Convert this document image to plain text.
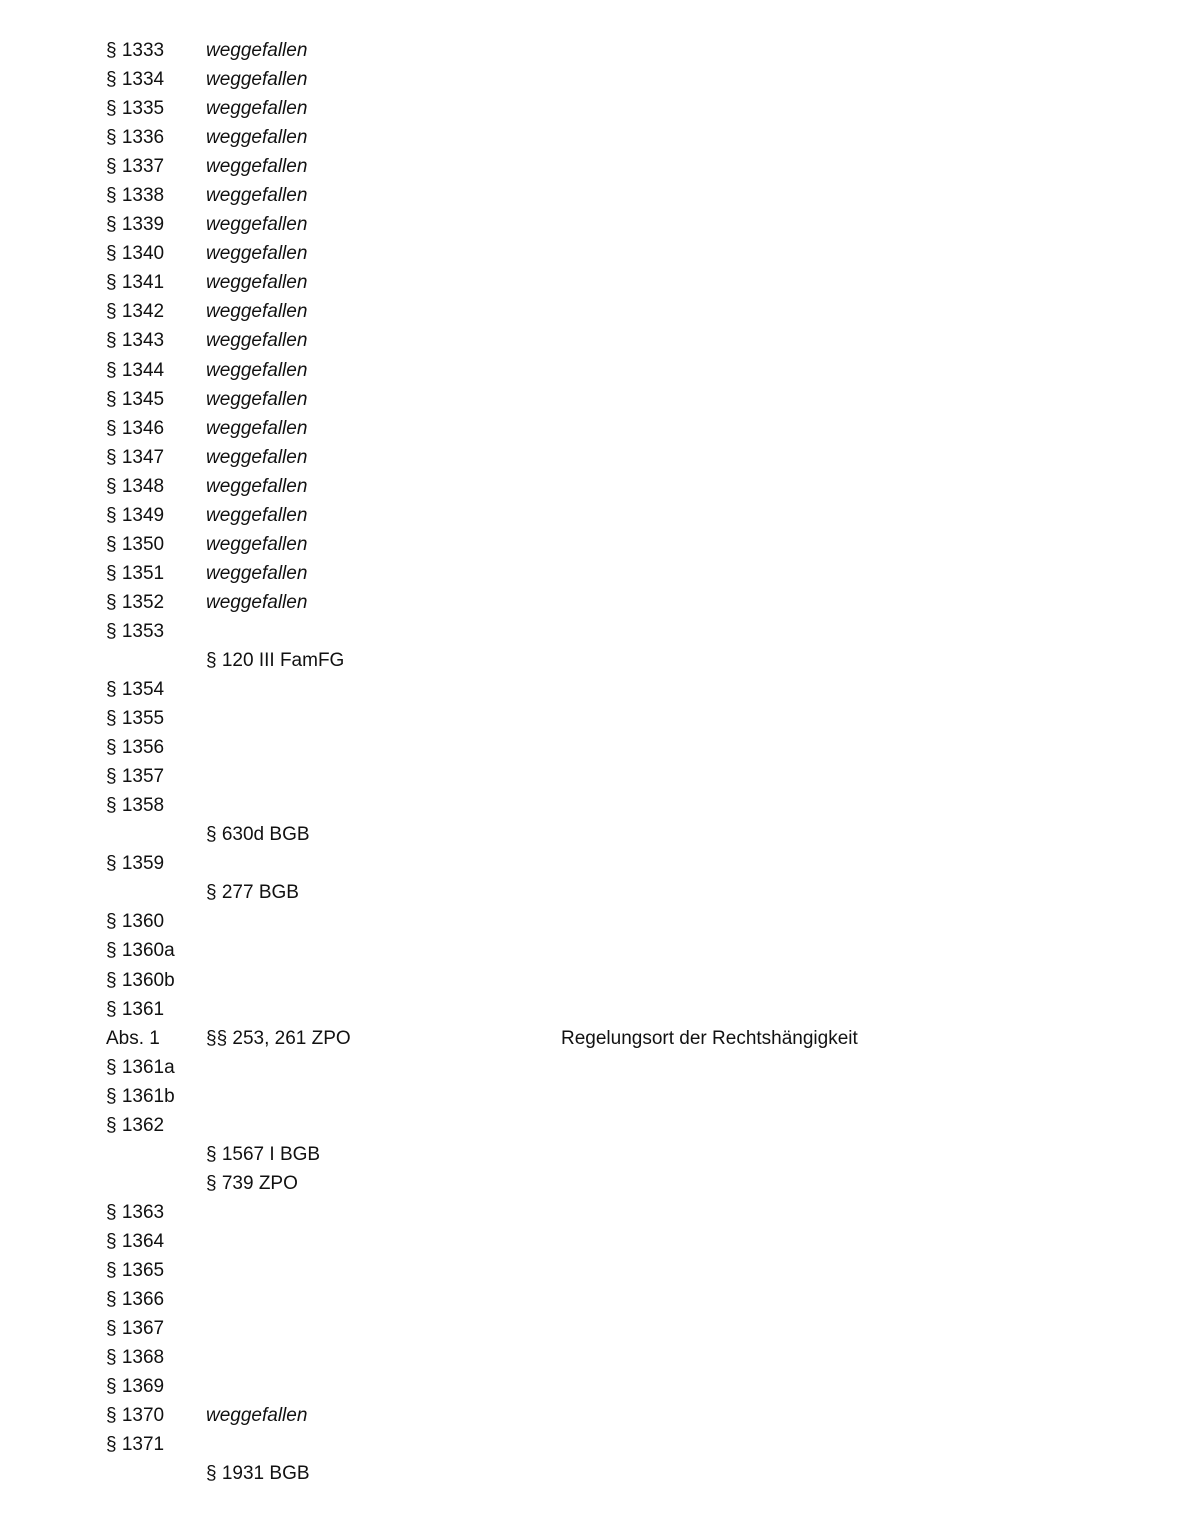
§ 1333 weggefallen
§ 1334 weggefallen
§ 1335 weggefallen
§ 1336 weggefallen
§ 1337 weggefallen
§ 1338 weggefallen
§ 1339 weggefallen
§ 1340 weggefallen
§ 1341 weggefallen
§ 1342 weggefallen
§ 1343 weggefallen
§ 1344 weggefallen
§ 1345 weggefallen
§ 1346 weggefallen
§ 1347 weggefallen
§ 1348 weggefallen
§ 1349 weggefallen
§ 1350 weggefallen
§ 1351 weggefallen
§ 1352 weggefallen
§ 1353
§ 120 III FamFG
§ 1354
§ 1355
§ 1356
§ 1357
§ 1358
§ 630d BGB
§ 1359
§ 277 BGB
§ 1360
§ 1360a
§ 1360b
§ 1361
Abs. 1 §§ 253, 261 ZPO	Regelungsort der Rechtshängigkeit
§ 1361a
§ 1361b
§ 1362
§ 1567 I BGB
§ 739 ZPO
§ 1363
§ 1364
§ 1365
§ 1366
§ 1367
§ 1368
§ 1369
§ 1370 weggefallen
§ 1371
§ 1931 BGB
